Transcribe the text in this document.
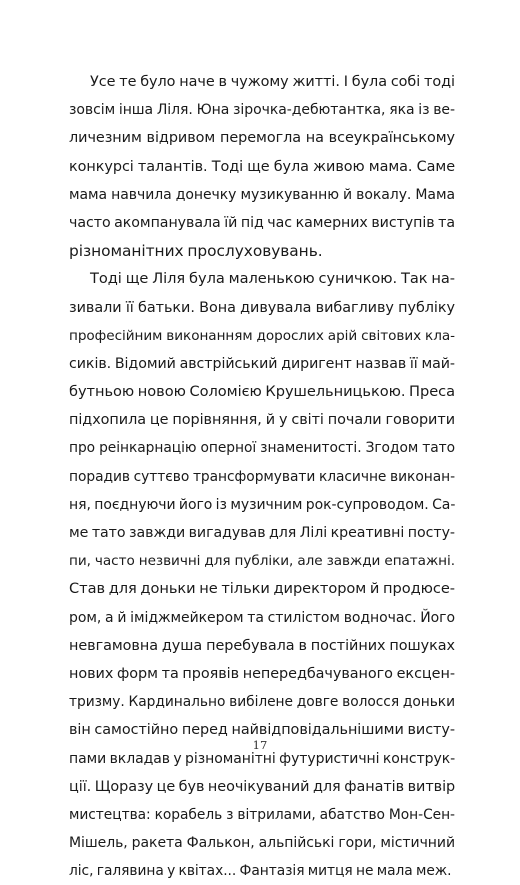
Усе те було наче в чужому житті. І була собі тоді
зовсім інша Ліля. Юна зірочка-дебютантка, яка із ве-
личезним відривом перемогла на всеукраїнському
конкурсі талантів. Тоді ще була живою мама. Саме
мама навчила донечку музикуванню й вокалу. Мама
часто акомпанувала їй під час камерних виступів та
різноманітних прослуховувань.
Тоді ще Ліля була маленькою суничкою. Так на-
зивали її батьки. Вона дивувала вибагливу публіку
професійним виконанням дорослих арій світових кла-
сиків. Відомий австрійський диригент назвав її май-
бутньою новою Соломією Крушельницькою. Преса
підхопила це порівняння, й у світі почали говорити
про реінкарнацію оперної знаменитості. Згодом тато
порадив суттєво трансформувати класичне виконан-
ня, поєднуючи його із музичним рок-супроводом. Са-
ме тато завжди вигадував для Лілі креативні посту-
пи, часто незвичні для публіки, але завжди епатажні.
Став для доньки не тільки директором й продюсе-
ром, а й іміджмейкером та стилістом водночас. Його
невгамовна душа перебувала в постійних пошуках
нових форм та проявів непередбачуваного ексцен-
тризму. Кардинально вибілене довге волосся доньки
він самостійно перед найвідповідальнішими висту-
пами вкладав у різноманітні футуристичні конструк-
ції. Щоразу це був неочікуваний для фанатів витвір
мистецтва: корабель з вітрилами, абатство Мон-Сен-
Мішель, ракета Фалькон, альпійські гори, містичний
ліс, галявина у квітах... Фантазія митця не мала меж.
17
